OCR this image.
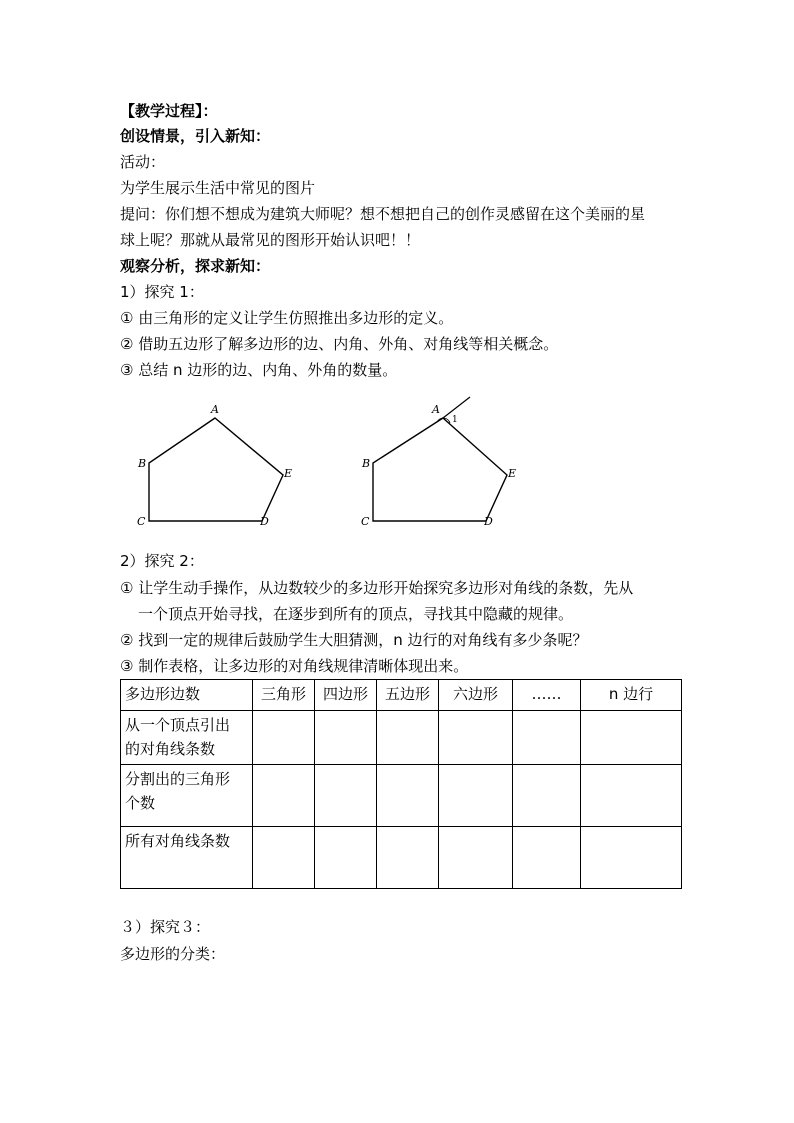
【教学过程】：
创设情景，引入新知：
活动：
为学生展示生活中常见的图片
提问：你们想不想成为建筑大师呢？想不想把自己的创作灵感留在这个美丽的星
球上呢？那就从最常见的图形开始认识吧！！
观察分析，探求新知：
1）探究 1：
① 由三角形的定义让学生仿照推出多边形的定义。
② 借助五边形了解多边形的边、内角、外角、对角线等相关概念。
③ 总结 n 边形的边、内角、外角的数量。
A
B
C	D
E
A
B
C	D
E
1
2）探究 2：
① 让学生动手操作，从边数较少的多边形开始探究多边形对角线的条数，先从
一个顶点开始寻找，在逐步到所有的顶点，寻找其中隐藏的规律。
② 找到一定的规律后鼓励学生大胆猜测，n 边行的对角线有多少条呢？
③ 制作表格，让多边形的对角线规律清晰体现出来。
多边形边数	三角形	四边形	五边形	六边形	……	n 边行

从一个顶点引出
的对角线条数						

分割出的三角形
个数						

所有对角线条数						

３）探究３：
多边形的分类：
